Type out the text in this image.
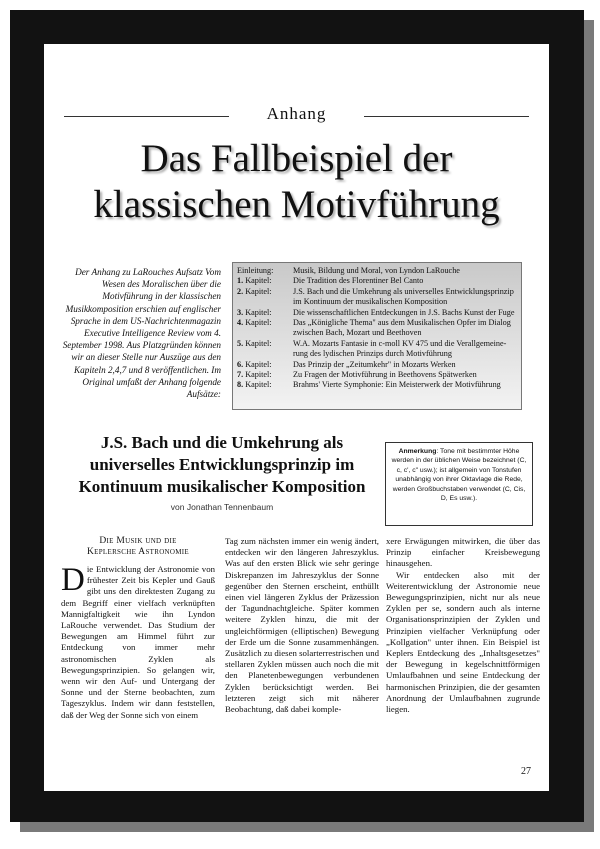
Anhang
Das Fallbeispiel der
klassischen Motivführung
Der Anhang zu LaRouches Aufsatz Vom Wesen des Moralischen über die Motivführung in der klassischen Musikkomposition erschien auf englischer Sprache in dem US-Nachrichtenmagazin Executive Intelligence Review vom 4. September 1998. Aus Platzgründen können wir an dieser Stelle nur Auszüge aus den Kapiteln 2,4,7 und 8 veröffentlichen. Im Original umfaßt der Anhang folgende Aufsätze:
Einleitung:	Musik, Bildung und Moral, von Lyndon LaRouche
1. Kapitel:	Die Tradition des Florentiner Bel Canto
2. Kapitel:	J.S. Bach und die Umkehrung als universelles Entwicklungsprinzip
im Kontinuum der musikalischen Komposition
3. Kapitel:	Die wissenschaftlichen Entdeckungen in J.S. Bachs Kunst der Fuge
4. Kapitel:	Das „Königliche Thema" aus dem Musikalischen Opfer im Dialog
zwischen Bach, Mozart und Beethoven
5. Kapitel:	W.A. Mozarts Fantasie in c-moll KV 475 und die Verallgemeine-
rung des lydischen Prinzips durch Motivführung
6. Kapitel:	Das Prinzip der „Zeitumkehr" in Mozarts Werken
7. Kapitel:	Zu Fragen der Motivführung in Beethovens Spätwerken
8. Kapitel:	Brahms' Vierte Symphonie: Ein Meisterwerk der Motivführung
J.S. Bach und die Umkehrung als
universelles Entwicklungsprinzip im
Kontinuum musikalischer Komposition
von Jonathan Tennenbaum
Anmerkung: Tone mit bestimmter Höhe werden in der üblichen Weise bezeichnet (C, c, c', c" usw.); ist allgemein von Tonstufen unabhängig von ihrer Oktavlage die Rede, werden Großbuchstaben verwendet (C, Cis, D, Es usw.).
Die Musik und die
Keplersche Astronomie

Die Entwicklung der Astronomie von frühester Zeit bis Kepler und Gauß gibt uns den direktesten Zugang zu dem Begriff einer vielfach verknüpften Mannigfaltigkeit wie ihn Lyndon LaRouche verwendet. Das Studium der Bewegungen am Himmel führt zur Entdeckung von immer mehr astronomischen Zyklen als Bewegungsprinzipien. So gelangen wir, wenn wir den Auf- und Untergang der Sonne und der Sterne beobachten, zum Tageszyklus. Indem wir dann feststellen, daß der Weg der Sonne sich von einem

Tag zum nächsten immer ein wenig ändert, entdecken wir den längeren Jahreszyklus. Was auf den ersten Blick wie sehr geringe Diskrepanzen im Jahreszyklus der Sonne gegenüber den Sternen erscheint, enthüllt einen viel längeren Zyklus der Präzession der Tagundnachtgleiche. Später kommen weitere Zyklen hinzu, die mit der ungleichförmigen (elliptischen) Bewegung der Erde um die Sonne zusammenhängen. Zusätzlich zu diesen solarterrestrischen und stellaren Zyklen müssen auch noch die mit den Planetenbewegungen verbundenen Zyklen berücksichtigt werden. Bei letzteren zeigt sich mit näherer Beobachtung, daß dabei komple-

xere Erwägungen mitwirken, die über das Prinzip einfacher Kreisbewegung hinausgehen.

Wir entdecken also mit der Weiterentwicklung der Astronomie neue Bewegungsprinzipien, nicht nur als neue Zyklen per se, sondern auch als interne Organisationsprinzipien der Zyklen und Prinzipien vielfacher Verknüpfung oder „Kollgation" unter ihnen. Ein Beispiel ist Keplers Entdeckung des „Inhaltsgesetzes" der Bewegung in kegelschnittförmigen Umlaufbahnen und seine Entdeckung der harmonischen Prinzipien, die der gesamten Anordnung der Umlaufbahnen zugrunde liegen.

27
